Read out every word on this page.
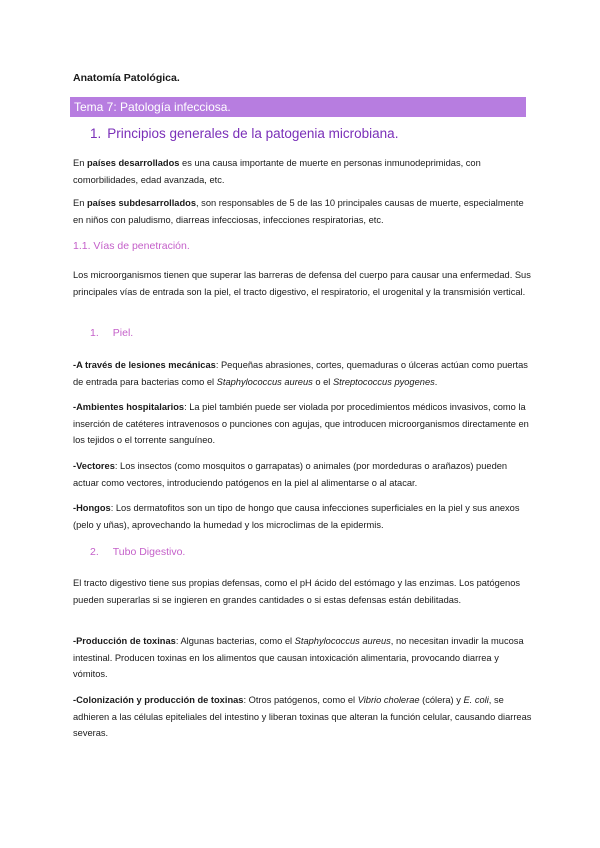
Anatomía Patológica.
Tema 7: Patología infecciosa.
1. Principios generales de la patogenia microbiana.

En países desarrollados es una causa importante de muerte en personas inmunodeprimidas, con comorbilidades, edad avanzada, etc.

En países subdesarrollados, son responsables de 5 de las 10 principales causas de muerte, especialmente en niños con paludismo, diarreas infecciosas, infecciones respiratorias, etc.

1.1. Vías de penetración.

Los microorganismos tienen que superar las barreras de defensa del cuerpo para causar una enfermedad. Sus principales vías de entrada son la piel, el tracto digestivo, el respiratorio, el urogenital y la transmisión vertical.

1. Piel.

-A través de lesiones mecánicas: Pequeñas abrasiones, cortes, quemaduras o úlceras actúan como puertas de entrada para bacterias como el Staphylococcus aureus o el Streptococcus pyogenes.

-Ambientes hospitalarios: La piel también puede ser violada por procedimientos médicos invasivos, como la inserción de catéteres intravenosos o punciones con agujas, que introducen microorganismos directamente en los tejidos o el torrente sanguíneo.

-Vectores: Los insectos (como mosquitos o garrapatas) o animales (por mordeduras o arañazos) pueden actuar como vectores, introduciendo patógenos en la piel al alimentarse o al atacar.

-Hongos: Los dermatofitos son un tipo de hongo que causa infecciones superficiales en la piel y sus anexos (pelo y uñas), aprovechando la humedad y los microclimas de la epidermis.

2. Tubo Digestivo.

El tracto digestivo tiene sus propias defensas, como el pH ácido del estómago y las enzimas. Los patógenos pueden superarlas si se ingieren en grandes cantidades o si estas defensas están debilitadas.

-Producción de toxinas: Algunas bacterias, como el Staphylococcus aureus, no necesitan invadir la mucosa intestinal. Producen toxinas en los alimentos que causan intoxicación alimentaria, provocando diarrea y vómitos.

-Colonización y producción de toxinas: Otros patógenos, como el Vibrio cholerae (cólera) y E. coli, se adhieren a las células epiteliales del intestino y liberan toxinas que alteran la función celular, causando diarreas severas.
